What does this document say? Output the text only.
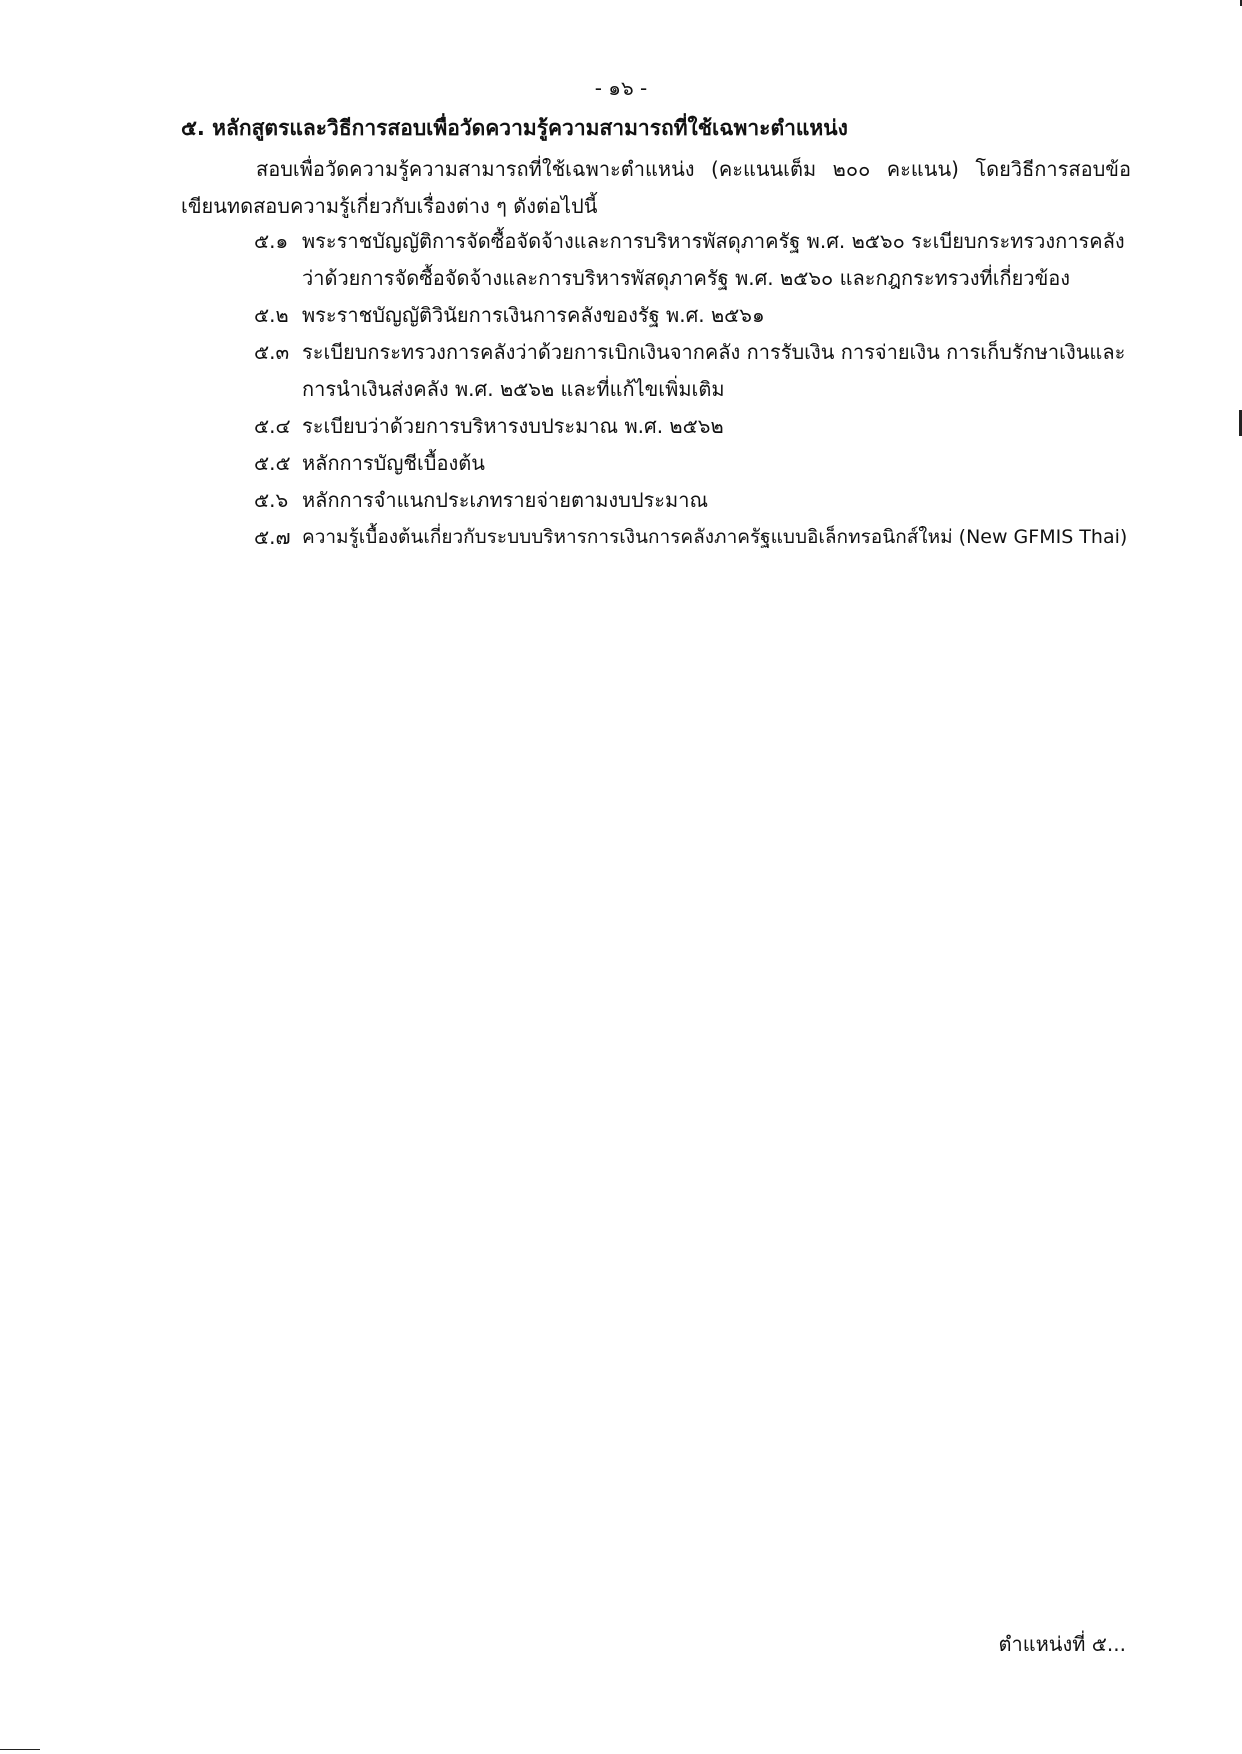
- ๑๖ -
๕. หลักสูตรและวิธีการสอบเพื่อวัดความรู้ความสามารถที่ใช้เฉพาะตำแหน่ง

สอบเพื่อวัดความรู้ความสามารถที่ใช้เฉพาะตำแหน่ง (คะแนนเต็ม ๒๐๐ คะแนน) โดยวิธีการสอบข้อเขียนทดสอบความรู้เกี่ยวกับเรื่องต่าง ๆ ดังต่อไปนี้

๕.๑ พระราชบัญญัติการจัดซื้อจัดจ้างและการบริหารพัสดุภาครัฐ พ.ศ. ๒๕๖๐ ระเบียบกระทรวงการคลังว่าด้วยการจัดซื้อจัดจ้างและการบริหารพัสดุภาครัฐ พ.ศ. ๒๕๖๐ และกฎกระทรวงที่เกี่ยวข้อง
๕.๒ พระราชบัญญัติวินัยการเงินการคลังของรัฐ พ.ศ. ๒๕๖๑
๕.๓ ระเบียบกระทรวงการคลังว่าด้วยการเบิกเงินจากคลัง การรับเงิน การจ่ายเงิน การเก็บรักษาเงินและการนำเงินส่งคลัง พ.ศ. ๒๕๖๒ และที่แก้ไขเพิ่มเติม
๕.๔ ระเบียบว่าด้วยการบริหารงบประมาณ พ.ศ. ๒๕๖๒
๕.๕ หลักการบัญชีเบื้องต้น
๕.๖ หลักการจำแนกประเภทรายจ่ายตามงบประมาณ
๕.๗ ความรู้เบื้องต้นเกี่ยวกับระบบบริหารการเงินการคลังภาครัฐแบบอิเล็กทรอนิกส์ใหม่ (New GFMIS Thai)
ตำแหน่งที่ ๕...
